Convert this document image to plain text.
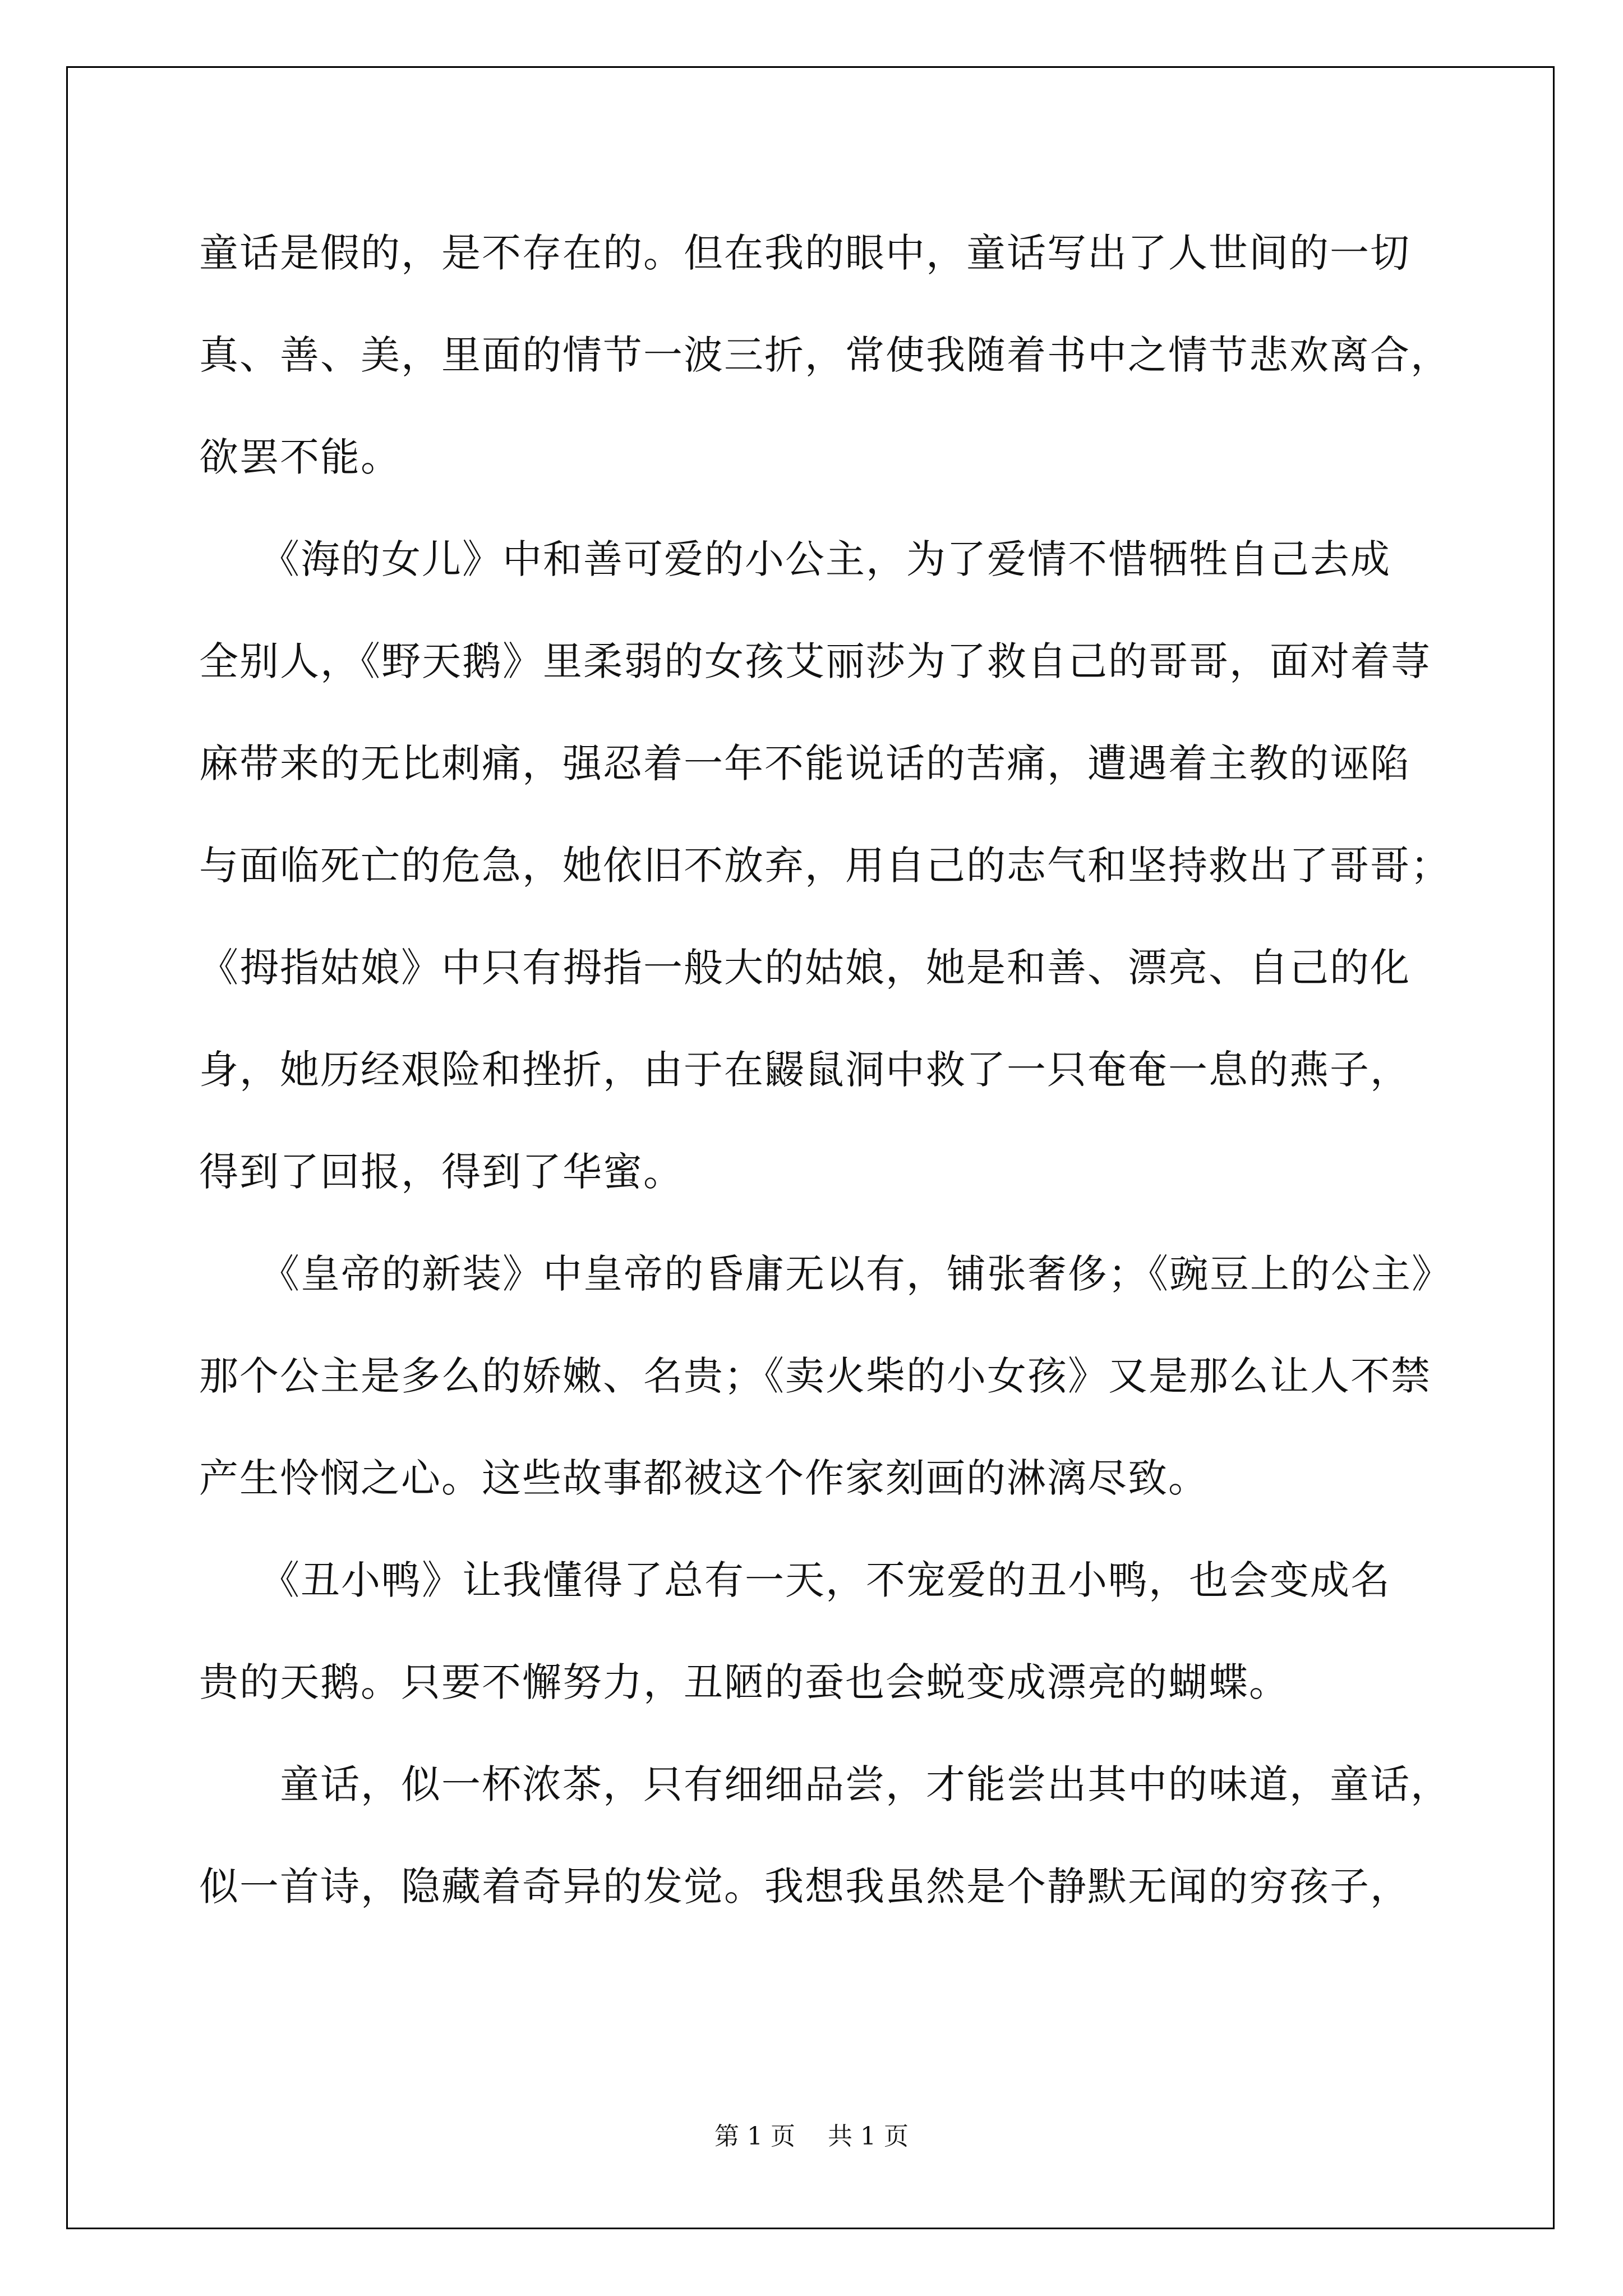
童话是假的，是不存在的。但在我的眼中，童话写出了人世间的一切
真、善、美，里面的情节一波三折，常使我随着书中之情节悲欢离合，
欲罢不能。
　　《海的女儿》中和善可爱的小公主，为了爱情不惜牺牲自己去成
全别人，《野天鹅》里柔弱的女孩艾丽莎为了救自己的哥哥，面对着荨
麻带来的无比刺痛，强忍着一年不能说话的苦痛，遭遇着主教的诬陷
与面临死亡的危急，她依旧不放弃，用自己的志气和坚持救出了哥哥；
《拇指姑娘》中只有拇指一般大的姑娘，她是和善、漂亮、自己的化
身，她历经艰险和挫折，由于在鼹鼠洞中救了一只奄奄一息的燕子，
得到了回报，得到了华蜜。
　　《皇帝的新装》中皇帝的昏庸无以有，铺张奢侈；《豌豆上的公主》
那个公主是多么的娇嫩、名贵；《卖火柴的小女孩》又是那么让人不禁
产生怜悯之心。这些故事都被这个作家刻画的淋漓尽致。
　　《丑小鸭》让我懂得了总有一天，不宠爱的丑小鸭，也会变成名
贵的天鹅。只要不懈努力，丑陋的蚕也会蜕变成漂亮的蝴蝶。
　　童话，似一杯浓茶，只有细细品尝，才能尝出其中的味道，童话，
似一首诗，隐藏着奇异的发觉。我想我虽然是个静默无闻的穷孩子，
第 1 页　 共 1 页
